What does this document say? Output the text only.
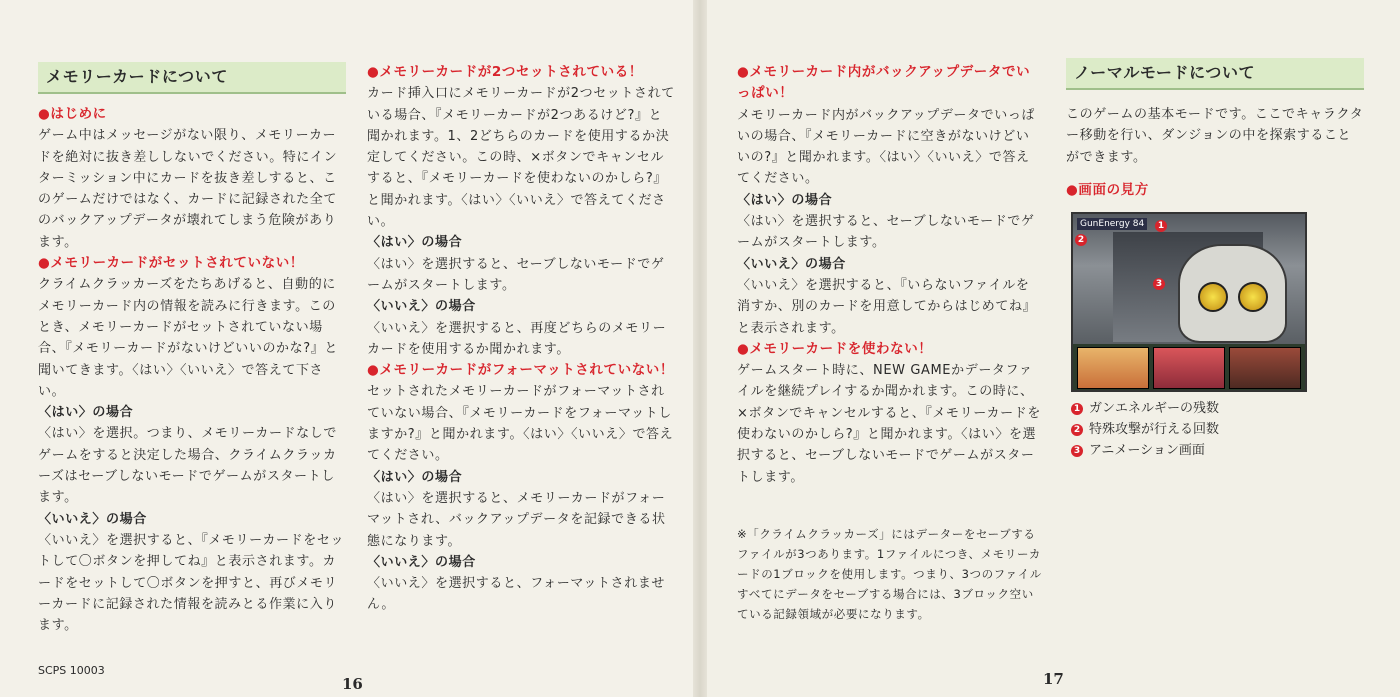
メモリーカードについて

●はじめに

ゲーム中はメッセージがない限り、メモリーカードを絶対に抜き差ししないでください。特にインターミッション中にカードを抜き差しすると、このゲームだけではなく、カードに記録された全てのバックアップデータが壊れてしまう危険があります。

●メモリーカードがセットされていない！

クライムクラッカーズをたちあげると、自動的にメモリーカード内の情報を読みに行きます。このとき、メモリーカードがセットされていない場合、『メモリーカードがないけどいいのかな?』と聞いてきます。〈はい〉〈いいえ〉で答えて下さい。

〈はい〉の場合

〈はい〉を選択。つまり、メモリーカードなしでゲームをすると決定した場合、クライムクラッカーズはセーブしないモードでゲームがスタートします。

〈いいえ〉の場合

〈いいえ〉を選択すると、『メモリーカードをセットして〇ボタンを押してね』と表示されます。カードをセットして〇ボタンを押すと、再びメモリーカードに記録された情報を読みとる作業に入ります。

●メモリーカードが2つセットされている！

カード挿入口にメモリーカードが2つセットされている場合、『メモリーカードが2つあるけど?』と聞かれます。1、2どちらのカードを使用するか決定してください。この時、×ボタンでキャンセルすると、『メモリーカードを使わないのかしら?』と聞かれます。〈はい〉〈いいえ〉で答えてください。

〈はい〉の場合

〈はい〉を選択すると、セーブしないモードでゲームがスタートします。

〈いいえ〉の場合

〈いいえ〉を選択すると、再度どちらのメモリーカードを使用するか聞かれます。

●メモリーカードがフォーマットされていない！

セットされたメモリーカードがフォーマットされていない場合、『メモリーカードをフォーマットしますか?』と聞かれます。〈はい〉〈いいえ〉で答えてください。

〈はい〉の場合

〈はい〉を選択すると、メモリーカードがフォーマットされ、バックアップデータを記録できる状態になります。

〈いいえ〉の場合

〈いいえ〉を選択すると、フォーマットされません。

SCPS 10003
16

●メモリーカード内がバックアップデータでいっぱい！

メモリーカード内がバックアップデータでいっぱいの場合、『メモリーカードに空きがないけどいいの?』と聞かれます。〈はい〉〈いいえ〉で答えてください。

〈はい〉の場合

〈はい〉を選択すると、セーブしないモードでゲームがスタートします。

〈いいえ〉の場合

〈いいえ〉を選択すると、『いらないファイルを消すか、別のカードを用意してからはじめてね』と表示されます。

●メモリーカードを使わない！

ゲームスタート時に、NEW GAMEかデータファイルを継続プレイするか聞かれます。この時に、×ボタンでキャンセルすると、『メモリーカードを使わないのかしら?』と聞かれます。〈はい〉を選択すると、セーブしないモードでゲームがスタートします。

※「クライムクラッカーズ」にはデーターをセーブするファイルが3つあります。1ファイルにつき、メモリーカードの1ブロックを使用します。つまり、3つのファイルすべてにデータをセーブする場合には、3ブロック空いている記録領域が必要になります。

ノーマルモードについて

このゲームの基本モードです。ここでキャラクター移動を行い、ダンジョンの中を探索することができます。

●画面の見方

GunEnergy 84	1
2
3
1 ガンエネルギーの残数
2 特殊攻撃が行える回数
3 アニメーション画面
17
